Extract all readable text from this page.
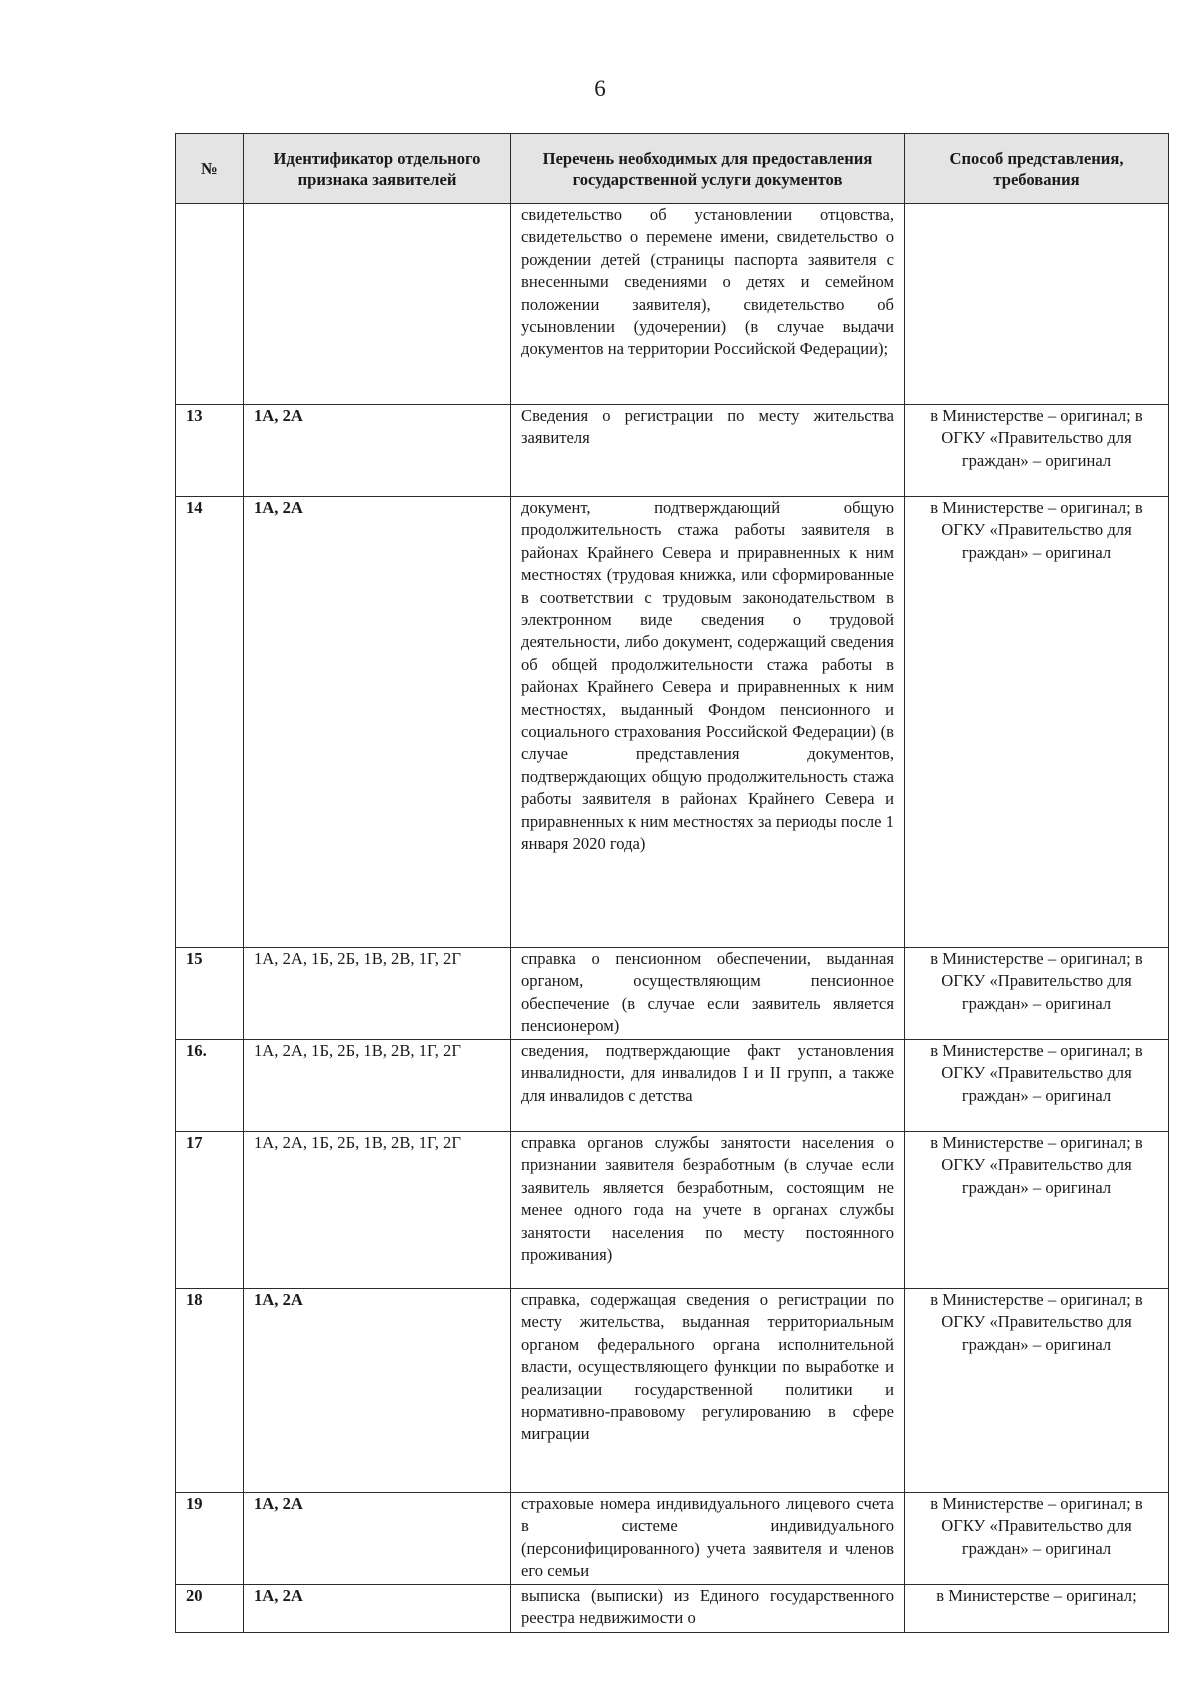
6
№	Идентификатор отдельного признака заявителей	Перечень необходимых для предоставления государственной услуги документов	Способ представления, требования
		свидетельство об установлении отцовства, свидетельство о перемене имени, свидетельство о рождении детей (страницы паспорта заявителя с внесенными сведениями о детях и семейном положении заявителя), свидетельство об усыновлении (удочерении) (в случае выдачи документов на территории Российской Федерации);	
13	1А, 2А	Сведения о регистрации по месту жительства заявителя	в Министерстве – оригинал; в ОГКУ «Правительство для граждан» – оригинал
14	1А, 2А	документ, подтверждающий общую продолжительность стажа работы заявителя в районах Крайнего Севера и приравненных к ним местностях (трудовая книжка, или сформированные в соответствии с трудовым законодательством в электронном виде сведения о трудовой деятельности, либо документ, содержащий сведения об общей продолжительности стажа работы в районах Крайнего Севера и приравненных к ним местностях, выданный Фондом пенсионного и социального страхования Российской Федерации) (в случае представления документов, подтверждающих общую продолжительность стажа работы заявителя в районах Крайнего Севера и приравненных к ним местностях за периоды после 1 января 2020 года)	в Министерстве – оригинал; в ОГКУ «Правительство для граждан» – оригинал
15	1А, 2А, 1Б, 2Б, 1В, 2В, 1Г, 2Г	справка о пенсионном обеспечении, выданная органом, осуществляющим пенсионное обеспечение (в случае если заявитель является пенсионером)	в Министерстве – оригинал; в ОГКУ «Правительство для граждан» – оригинал
16.	1А, 2А, 1Б, 2Б, 1В, 2В, 1Г, 2Г	сведения, подтверждающие факт установления инвалидности, для инвалидов I и II групп, а также для инвалидов с детства	в Министерстве – оригинал; в ОГКУ «Правительство для граждан» – оригинал
17	1А, 2А, 1Б, 2Б, 1В, 2В, 1Г, 2Г	справка органов службы занятости населения о признании заявителя безработным (в случае если заявитель является безработным, состоящим не менее одного года на учете в органах службы занятости населения по месту постоянного проживания)	в Министерстве – оригинал; в ОГКУ «Правительство для граждан» – оригинал
18	1А, 2А	справка, содержащая сведения о регистрации по месту жительства, выданная территориальным органом федерального органа исполнительной власти, осуществляющего функции по выработке и реализации государственной политики и нормативно-правовому регулированию в сфере миграции	в Министерстве – оригинал; в ОГКУ «Правительство для граждан» – оригинал
19	1А, 2А	страховые номера индивидуального лицевого счета в системе индивидуального (персонифицированного) учета заявителя и членов его семьи	в Министерстве – оригинал; в ОГКУ «Правительство для граждан» – оригинал
20	1А, 2А	выписка (выписки) из Единого государственного реестра недвижимости о	в Министерстве – оригинал;
